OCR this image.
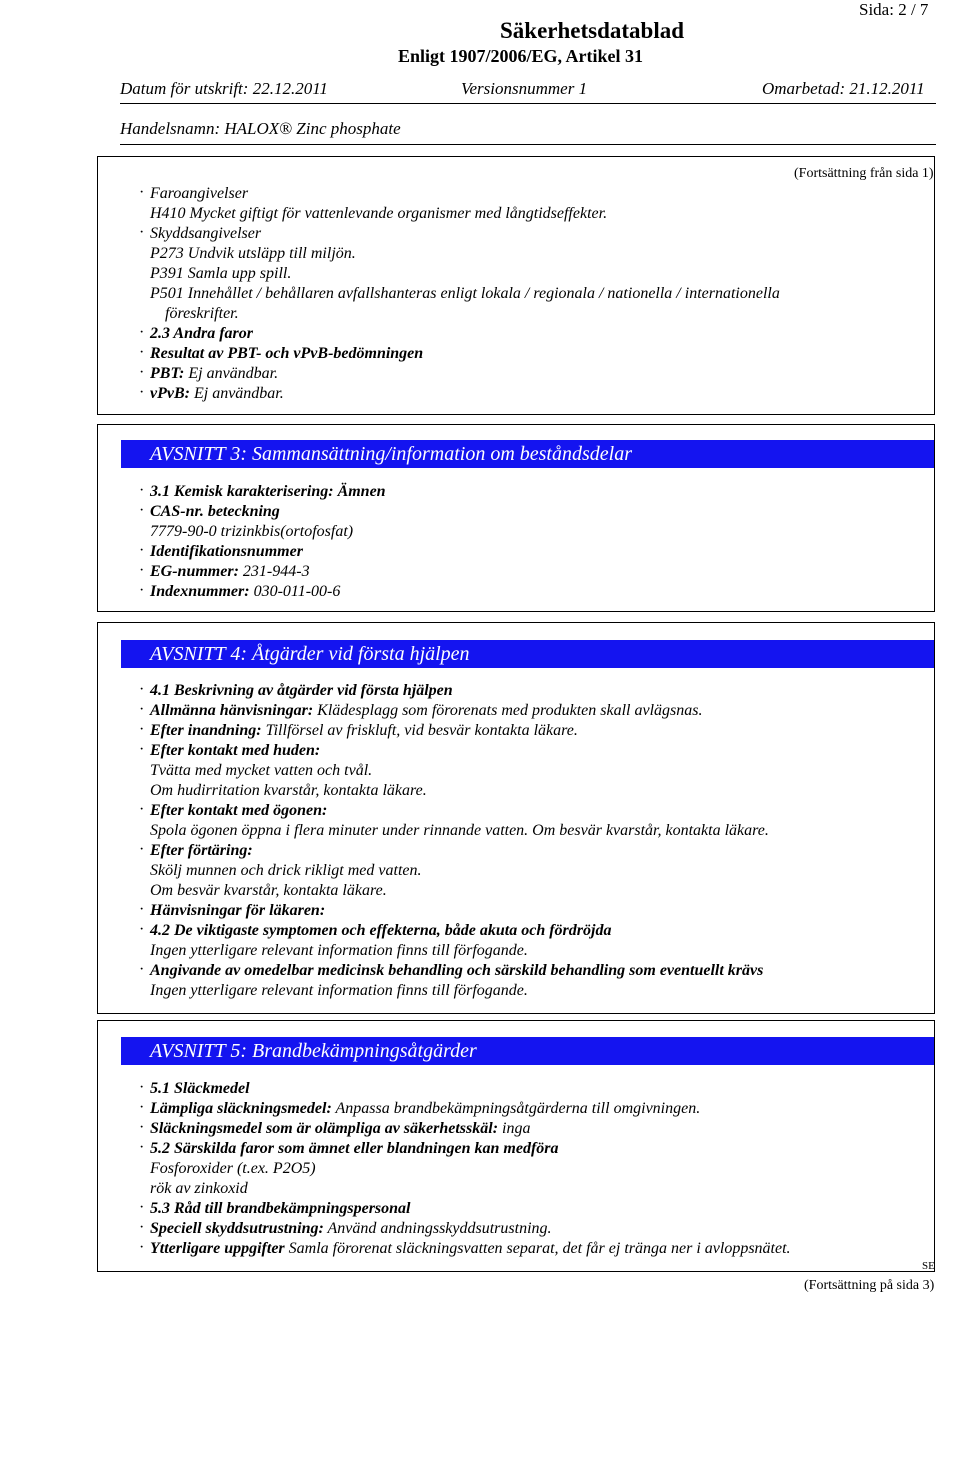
Sida: 2 / 7
Säkerhetsdatablad
Enligt 1907/2006/EG, Artikel 31
Datum för utskrift: 22.12.2011	Versionsnummer 1	Omarbetad: 21.12.2011
Handelsnamn: HALOX® Zinc phosphate
(Fortsättning från sida 1)
· Faroangivelser
H410 Mycket giftigt för vattenlevande organismer med långtidseffekter.
· Skyddsangivelser
P273 Undvik utsläpp till miljön.
P391 Samla upp spill.
P501 Innehållet / behållaren avfallshanteras enligt lokala / regionala / nationella / internationella
föreskrifter.
· 2.3 Andra faror
· Resultat av PBT- och vPvB-bedömningen
· PBT: Ej användbar.
· vPvB: Ej användbar.
AVSNITT 3: Sammansättning/information om beståndsdelar
· 3.1 Kemisk karakterisering: Ämnen
· CAS-nr. beteckning
7779-90-0 trizinkbis(ortofosfat)
· Identifikationsnummer
· EG-nummer: 231-944-3
· Indexnummer: 030-011-00-6
AVSNITT 4: Åtgärder vid första hjälpen
· 4.1 Beskrivning av åtgärder vid första hjälpen
· Allmänna hänvisningar: Klädesplagg som förorenats med produkten skall avlägsnas.
· Efter inandning: Tillförsel av friskluft, vid besvär kontakta läkare.
· Efter kontakt med huden:
Tvätta med mycket vatten och tvål.
Om hudirritation kvarstår, kontakta läkare.
· Efter kontakt med ögonen:
Spola ögonen öppna i flera minuter under rinnande vatten. Om besvär kvarstår, kontakta läkare.
· Efter förtäring:
Skölj munnen och drick rikligt med vatten.
Om besvär kvarstår, kontakta läkare.
· Hänvisningar för läkaren:
· 4.2 De viktigaste symptomen och effekterna, både akuta och fördröjda
Ingen ytterligare relevant information finns till förfogande.
· Angivande av omedelbar medicinsk behandling och särskild behandling som eventuellt krävs
Ingen ytterligare relevant information finns till förfogande.
AVSNITT 5: Brandbekämpningsåtgärder
· 5.1 Släckmedel
· Lämpliga släckningsmedel: Anpassa brandbekämpningsåtgärderna till omgivningen.
· Släckningsmedel som är olämpliga av säkerhetsskäl: inga
· 5.2 Särskilda faror som ämnet eller blandningen kan medföra
Fosforoxider (t.ex. P2O5)
rök av zinkoxid
· 5.3 Råd till brandbekämpningspersonal
· Speciell skyddsutrustning: Använd andningsskyddsutrustning.
· Ytterligare uppgifter Samla förorenat släckningsvatten separat, det får ej tränga ner i avloppsnätet.
SE
(Fortsättning på sida 3)
